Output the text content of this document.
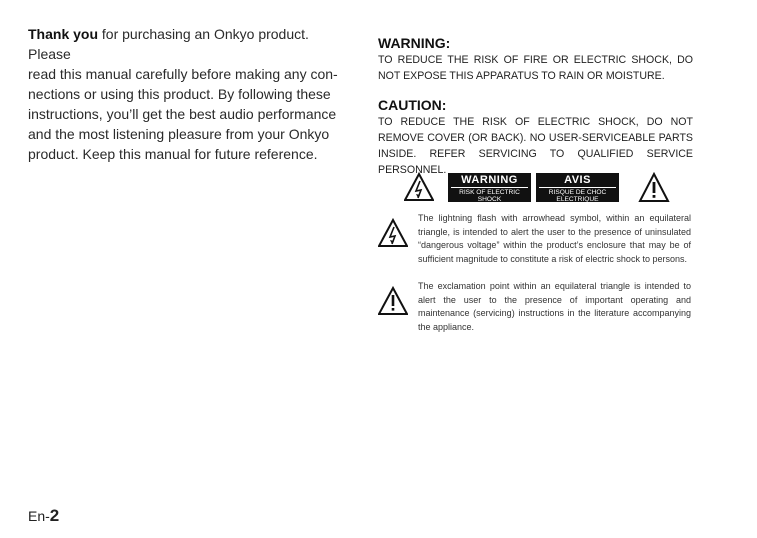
Thank you for purchasing an Onkyo product. Please
read this manual carefully before making any con-
nections or using this product. By following these
instructions, you’ll get the best audio performance
and the most listening pleasure from your Onkyo
product. Keep this manual for future reference.
WARNING:

TO REDUCE THE RISK OF FIRE OR ELECTRIC SHOCK, DO NOT EXPOSE THIS APPARATUS TO RAIN OR MOISTURE.

CAUTION:

TO REDUCE THE RISK OF ELECTRIC SHOCK, DO NOT REMOVE COVER (OR BACK). NO USER-SERVICEABLE PARTS INSIDE. REFER SERVICING TO QUALIFIED SERVICE PERSONNEL.

WARNING
RISK OF ELECTRIC SHOCK
DO NOT OPEN
AVIS
RISQUE DE CHOC ELECTRIQUE
NE PAS OUVRIR

The lightning flash with arrowhead symbol, within an equilateral triangle, is intended to alert the user to the presence of uninsulated “dangerous voltage” within the product’s enclosure that may be of sufficient magnitude to constitute a risk of electric shock to persons.

The exclamation point within an equilateral triangle is intended to alert the user to the presence of important operating and maintenance (servicing) instructions in the literature accompanying the appliance.

En-2
